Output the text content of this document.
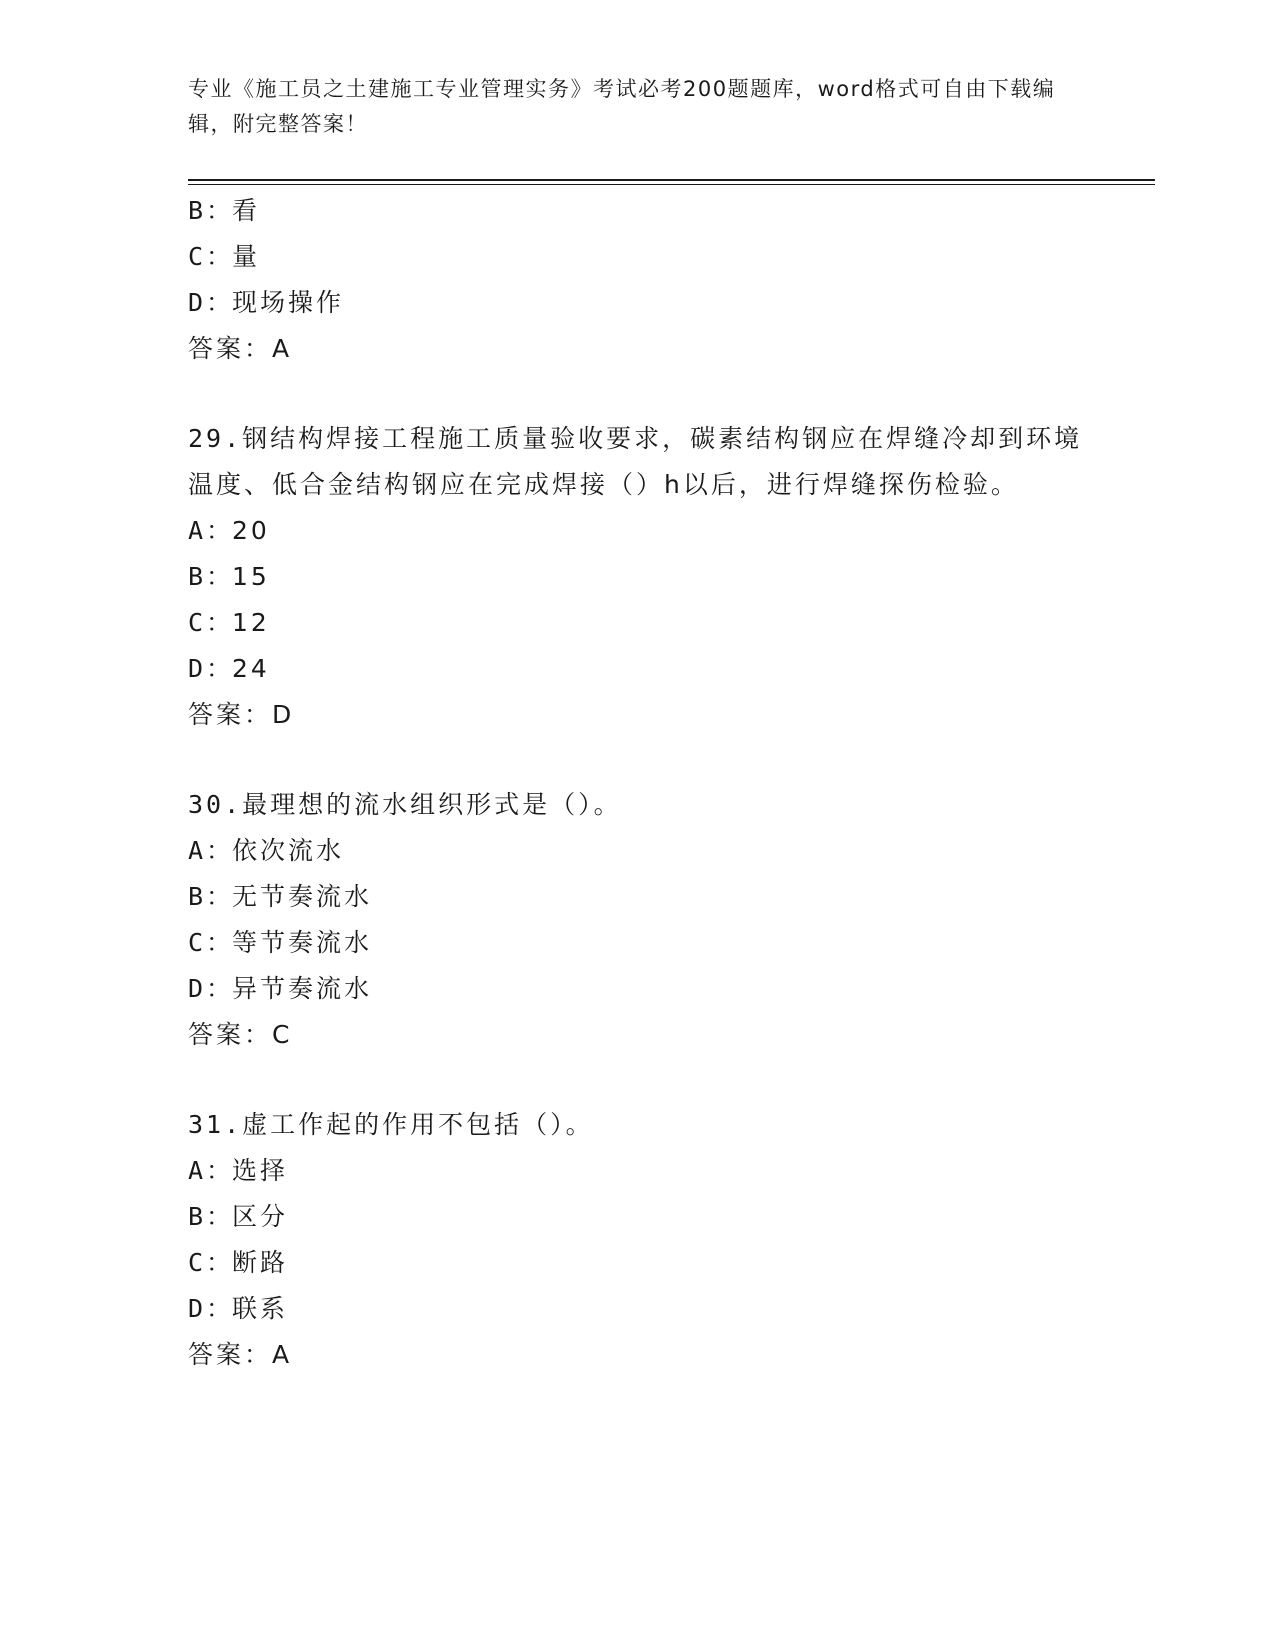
专业《施工员之土建施工专业管理实务》考试必考200题题库，word格式可自由下载编辑，附完整答案！
B：看
C：量
D：现场操作
答案：A
29.钢结构焊接工程施工质量验收要求，碳素结构钢应在焊缝冷却到环境温度、低合金结构钢应在完成焊接（）h以后，进行焊缝探伤检验。
A：20
B：15
C：12
D：24
答案：D
30.最理想的流水组织形式是（）。
A：依次流水
B：无节奏流水
C：等节奏流水
D：异节奏流水
答案：C
31.虚工作起的作用不包括（）。
A：选择
B：区分
C：断路
D：联系
答案：A
